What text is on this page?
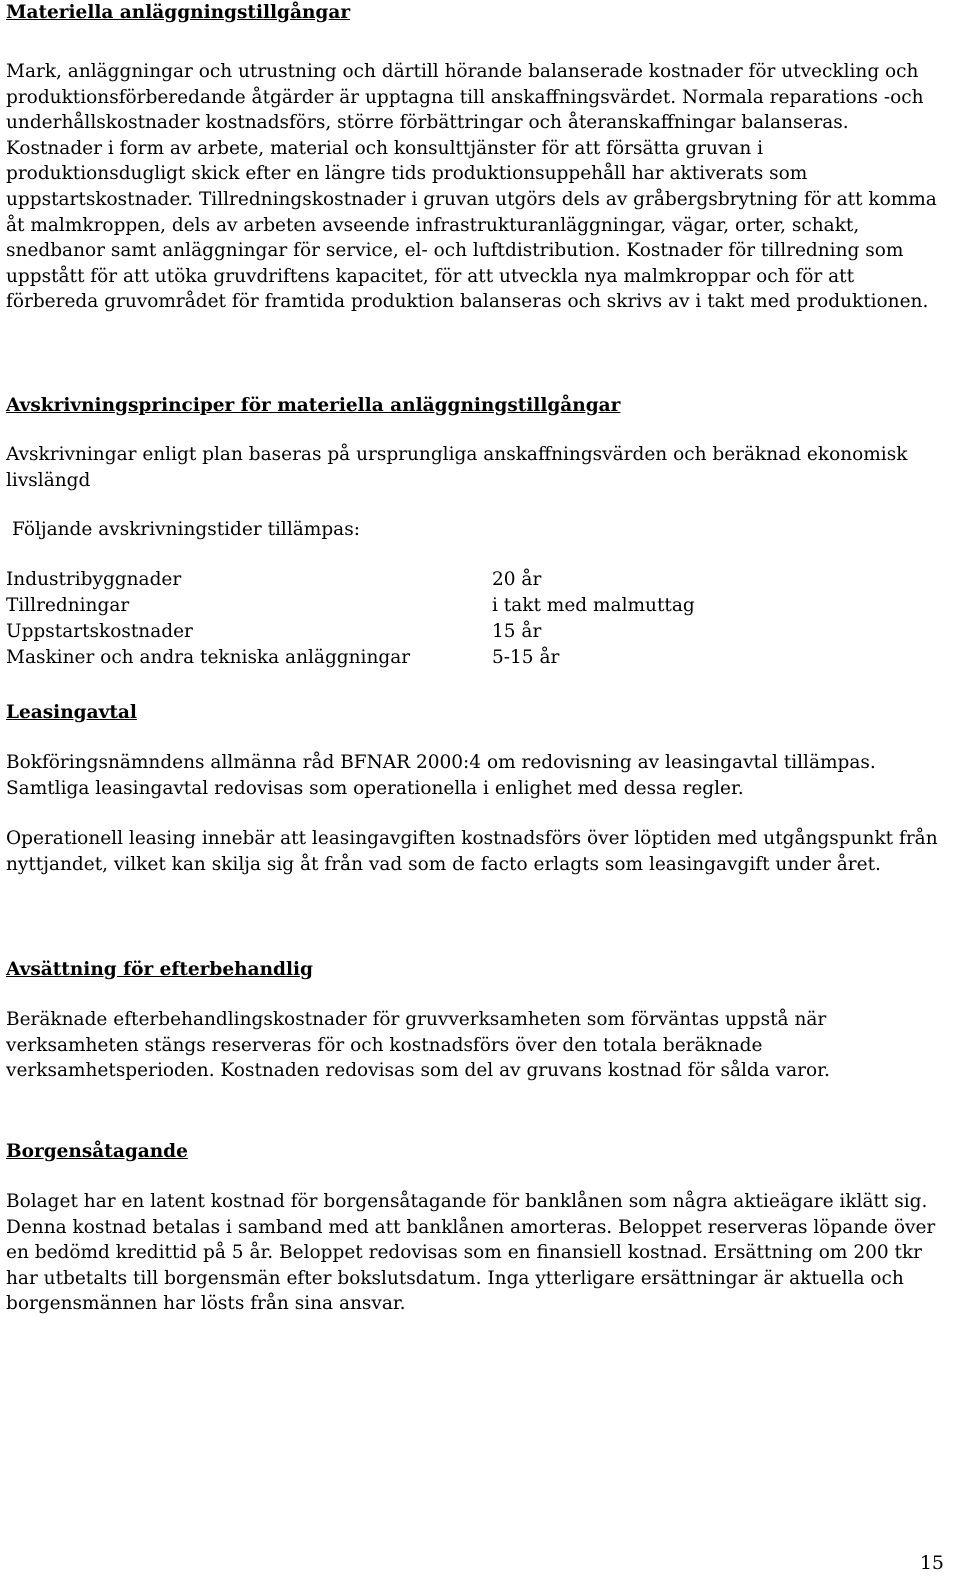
Materiella anläggningstillgångar

Mark, anläggningar och utrustning och därtill hörande balanserade kostnader för utveckling och produktionsförberedande åtgärder är upptagna till anskaffningsvärdet. Normala reparations -och underhållskostnader kostnadsförs, större förbättringar och återanskaffningar balanseras. Kostnader i form av arbete, material och konsulttjänster för att försätta gruvan i produktionsdugligt skick efter en längre tids produktionsuppehåll har aktiverats som uppstartskostnader. Tillredningskostnader i gruvan utgörs dels av gråbergsbrytning för att komma åt malmkroppen, dels av arbeten avseende infrastrukturanläggningar, vägar, orter, schakt, snedbanor samt anläggningar för service, el- och luftdistribution. Kostnader för tillredning som uppstått för att utöka gruvdriftens kapacitet, för att utveckla nya malmkroppar och för att förbereda gruvområdet för framtida produktion balanseras och skrivs av i takt med produktionen.

Avskrivningsprinciper för materiella anläggningstillgångar

Avskrivningar enligt plan baseras på ursprungliga anskaffningsvärden och beräknad ekonomisk livslängd

Följande avskrivningstider tillämpas:

Industribyggnader	20 år
Tillredningar	i takt med malmuttag
Uppstartskostnader	15 år
Maskiner och andra tekniska anläggningar	5-15 år
Leasingavtal

Bokföringsnämndens allmänna råd BFNAR 2000:4 om redovisning av leasingavtal tillämpas. Samtliga leasingavtal redovisas som operationella i enlighet med dessa regler.

Operationell leasing innebär att leasingavgiften kostnadsförs över löptiden med utgångspunkt från nyttjandet, vilket kan skilja sig åt från vad som de facto erlagts som leasingavgift under året.

Avsättning för efterbehandlig

Beräknade efterbehandlingskostnader för gruvverksamheten som förväntas uppstå när verksamheten stängs reserveras för och kostnadsförs över den totala beräknade verksamhetsperioden. Kostnaden redovisas som del av gruvans kostnad för sålda varor.

Borgensåtagande

Bolaget har en latent kostnad för borgensåtagande för banklånen som några aktieägare iklätt sig. Denna kostnad betalas i samband med att banklånen amorteras. Beloppet reserveras löpande över en bedömd kredittid på 5 år. Beloppet redovisas som en finansiell kostnad. Ersättning om 200 tkr har utbetalts till borgensmän efter bokslutsdatum. Inga ytterligare ersättningar är aktuella och borgensmännen har lösts från sina ansvar.

15
